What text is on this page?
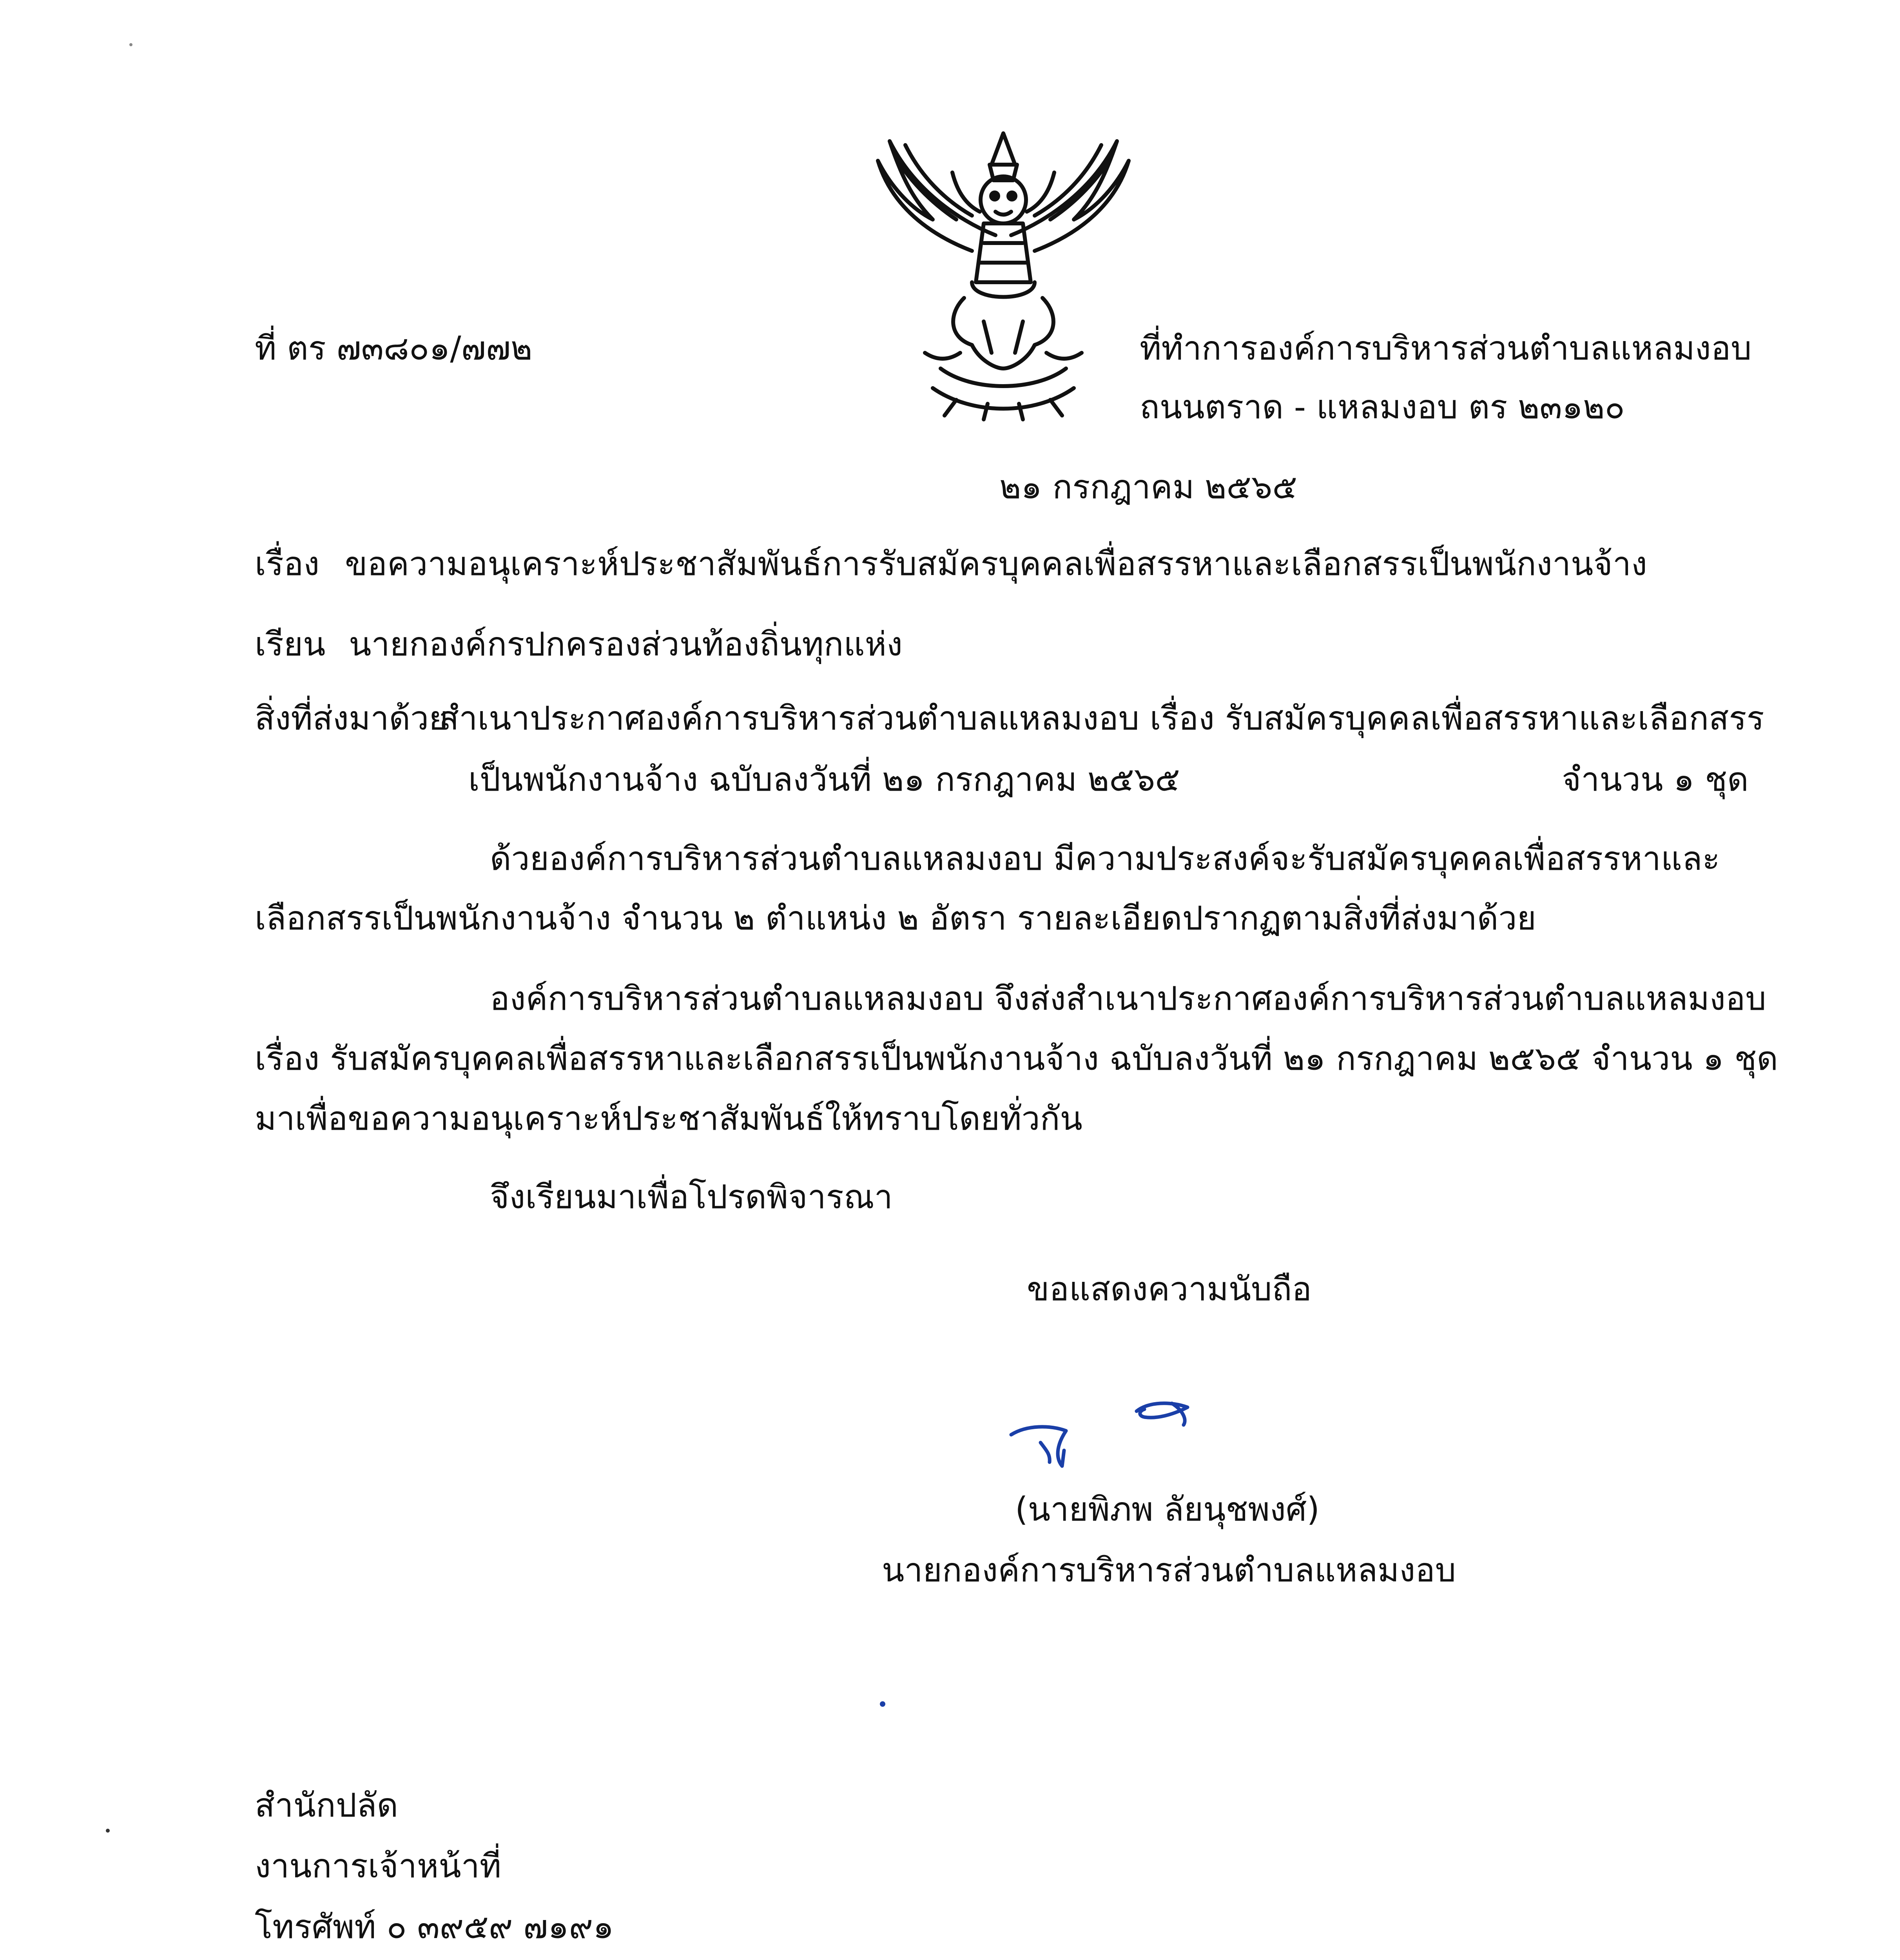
ที่ ตร ๗๓๘๐๑/๗๗๒	ที่ทำการองค์การบริหารส่วนตำบลแหลมงอบ
ถนนตราด - แหลมงอบ ตร ๒๓๑๒๐
๒๑ กรกฎาคม ๒๕๖๕
เรื่อง ขอความอนุเคราะห์ประชาสัมพันธ์การรับสมัครบุคคลเพื่อสรรหาและเลือกสรรเป็นพนักงานจ้าง
เรียน นายกองค์กรปกครองส่วนท้องถิ่นทุกแห่ง
สิ่งที่ส่งมาด้วย
สำเนาประกาศองค์การบริหารส่วนตำบลแหลมงอบ เรื่อง รับสมัครบุคคลเพื่อสรรหาและเลือกสรร
เป็นพนักงานจ้าง ฉบับลงวันที่ ๒๑ กรกฎาคม ๒๕๖๕	จำนวน ๑ ชุด
ด้วยองค์การบริหารส่วนตำบลแหลมงอบ มีความประสงค์จะรับสมัครบุคคลเพื่อสรรหาและ
เลือกสรรเป็นพนักงานจ้าง จำนวน ๒ ตำแหน่ง ๒ อัตรา รายละเอียดปรากฏตามสิ่งที่ส่งมาด้วย
องค์การบริหารส่วนตำบลแหลมงอบ จึงส่งสำเนาประกาศองค์การบริหารส่วนตำบลแหลมงอบ
เรื่อง รับสมัครบุคคลเพื่อสรรหาและเลือกสรรเป็นพนักงานจ้าง ฉบับลงวันที่ ๒๑ กรกฎาคม ๒๕๖๕ จำนวน ๑ ชุด
มาเพื่อขอความอนุเคราะห์ประชาสัมพันธ์ให้ทราบโดยทั่วกัน
จึงเรียนมาเพื่อโปรดพิจารณา
ขอแสดงความนับถือ
(นายพิภพ ลัยนุชพงศ์)
นายกองค์การบริหารส่วนตำบลแหลมงอบ
สำนักปลัด
งานการเจ้าหน้าที่
โทรศัพท์ ๐ ๓๙๕๙ ๗๑๙๑
